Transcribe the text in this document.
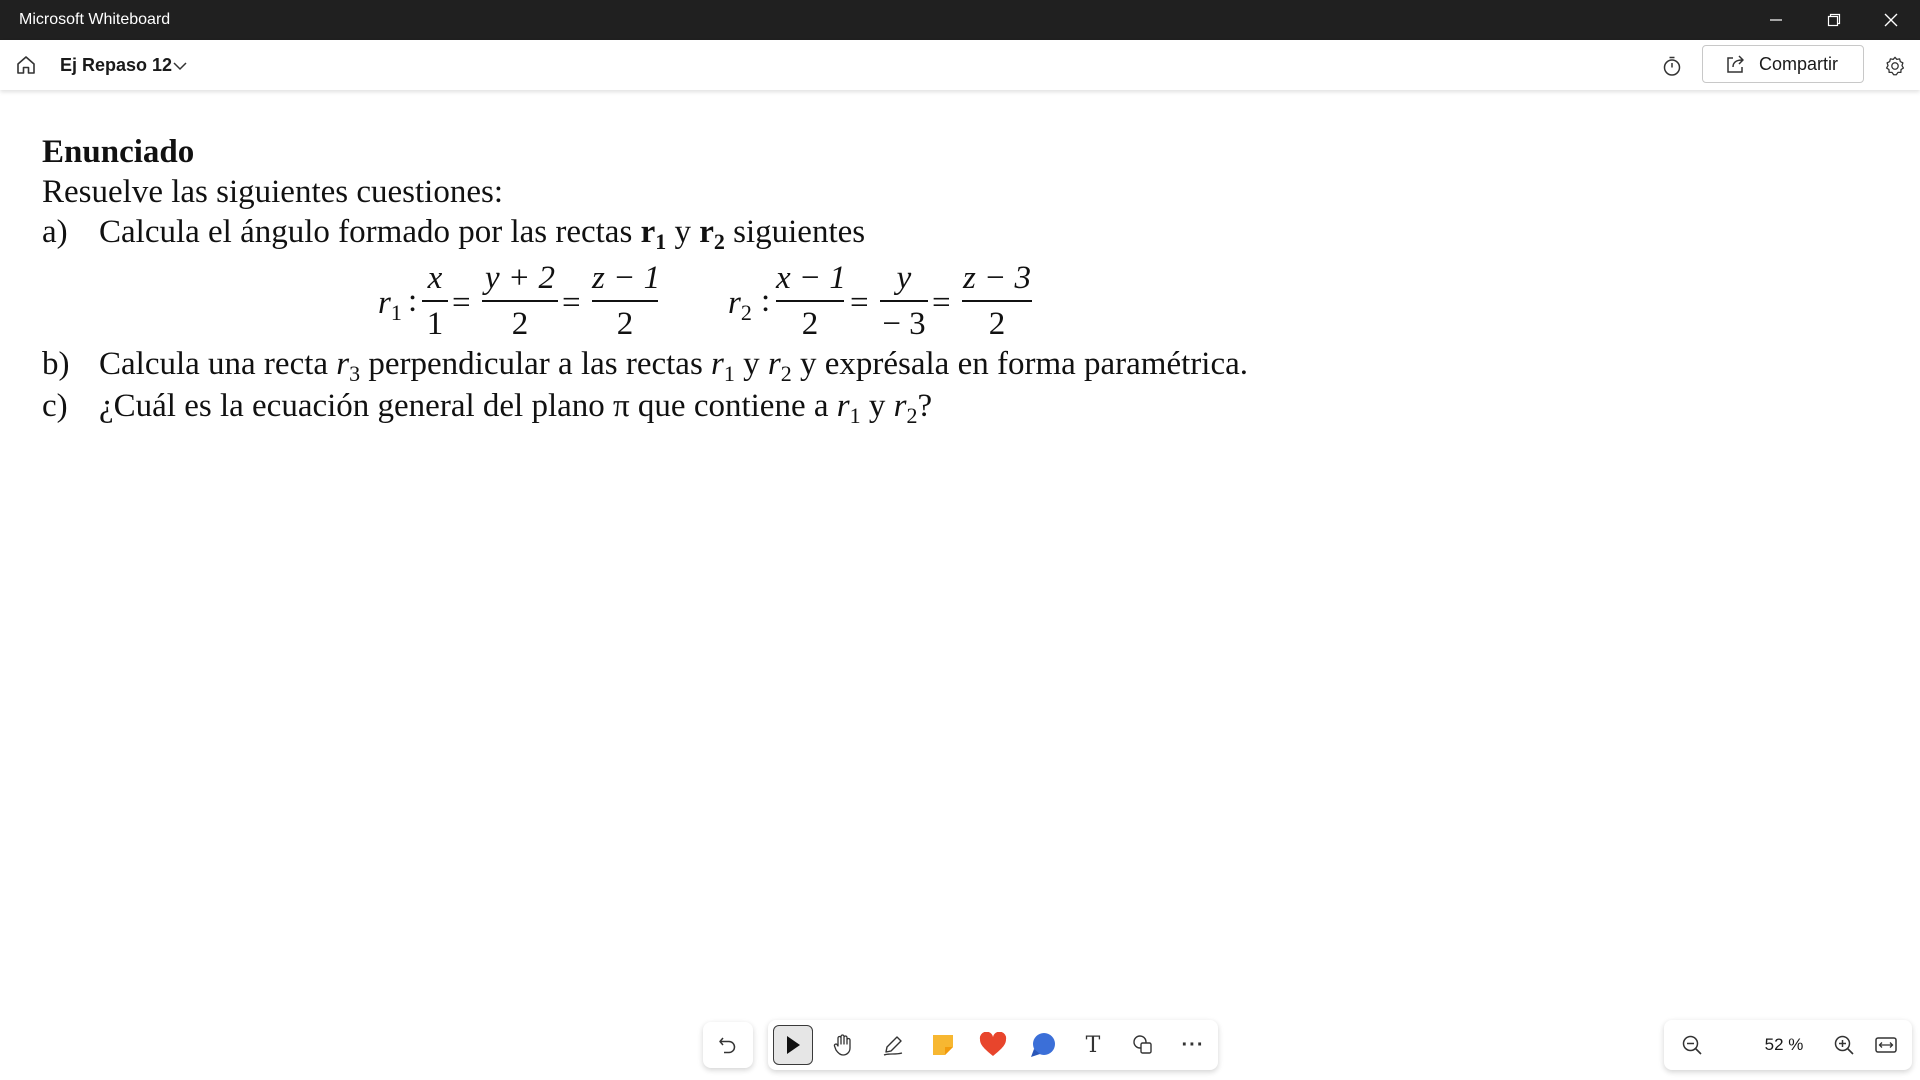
Microsoft Whiteboard
Ej Repaso 12	Compartir
Enunciado
Resuelve las siguientes cuestiones:
a) Calcula el ángulo formado por las rectas $r_1$ y $r_2$ siguientes
b) Calcula una recta $r_3$ perpendicular a las rectas $r_1$ y $r_2$ y exprésala en forma paramétrica.
c) ¿Cuál es la ecuación general del plano π que contiene a $r_1$ y $r_2$?
$r_1$ :
x
1
=
y + 2
2
=
z − 1
2
$r_2$ :
x − 1
2
=
y
− 3
=
z − 3
2
T	···	52 %
